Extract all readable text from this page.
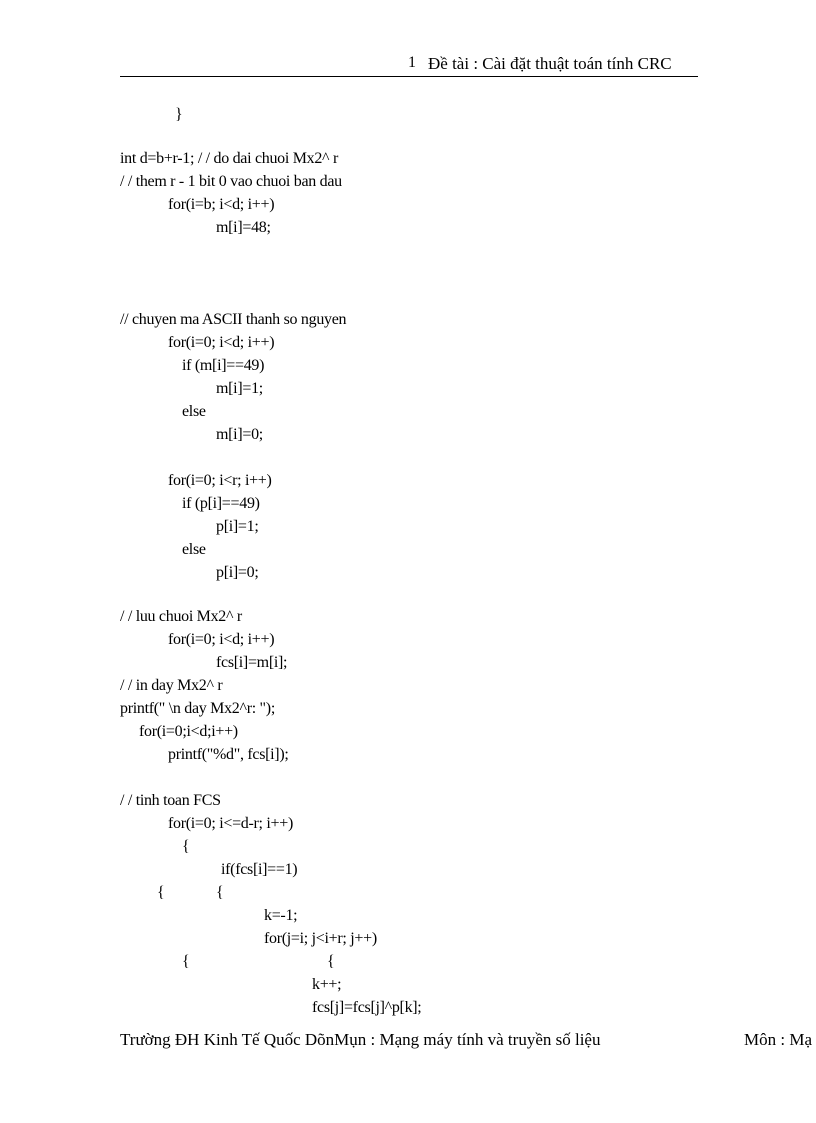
1 Đề tài : Cài đặt thuật toán tính CRC
}
int d=b+r-1; / / do dai chuoi Mx2^ r
/ / them r - 1 bit 0 vao chuoi ban dau
for(i=b; i<d; i++)
m[i]=48;
// chuyen ma ASCII thanh so nguyen
for(i=0; i<d; i++)
if (m[i]==49)
m[i]=1;
else
m[i]=0;
for(i=0; i<r; i++)
if (p[i]==49)
p[i]=1;
else
p[i]=0;
/ / luu chuoi Mx2^ r
for(i=0; i<d; i++)
fcs[i]=m[i];
/ / in day Mx2^ r
printf(" \n day Mx2^r: ");
for(i=0;i<d;i++)
printf("%d", fcs[i]);
/ / tinh toan FCS
for(i=0; i<=d-r; i++)
{
if(fcs[i]==1)
{	{
k=-1;
for(j=i; j<i+r; j++)
{	{
k++;
fcs[j]=fcs[j]^p[k];
Trường ĐH Kinh Tế Quốc DõnMụn : Mạng máy tính và truyền số liệu	Môn : Mạ
